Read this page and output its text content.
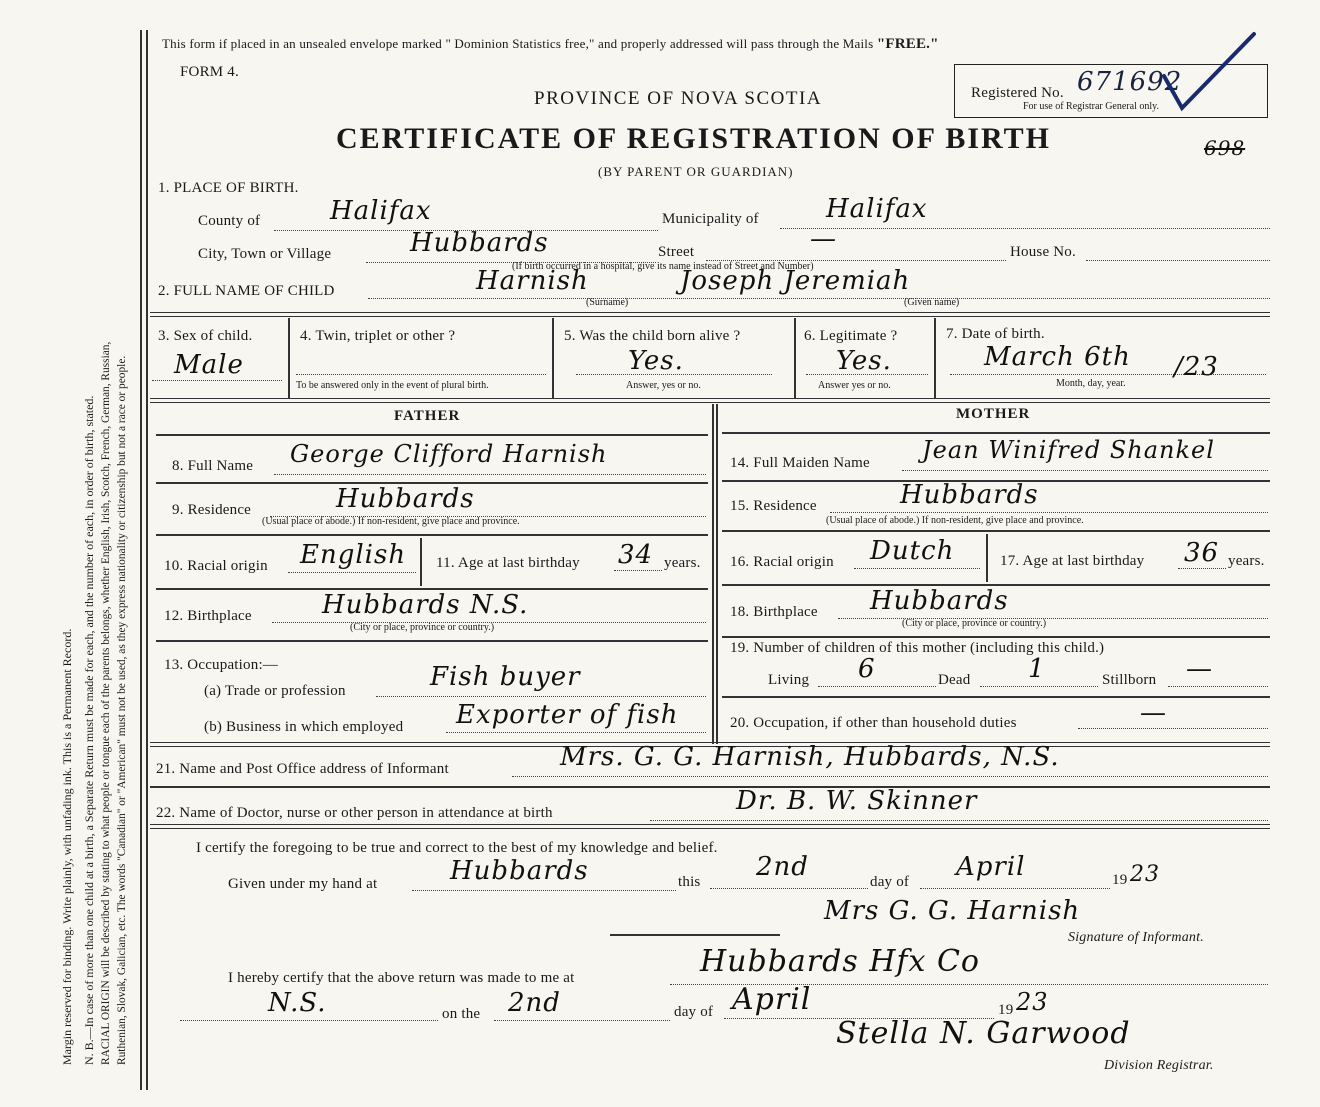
Margin reserved for binding. Write plainly, with unfading ink. This is a Permanent Record. N. B.—In case of more than one child at a birth, a Separate Return must be made for each, and the number of each, in order of birth, stated. RACIAL ORIGIN will be described by stating to what people or tongue each of the parents belongs, whether English, Irish, Scotch, French, German, Russian, Ruthenian, Slovak, Galician, etc. The words "Canadian" or "American" must not be used, as they express nationality or citizenship but not a race or people.
This form if placed in an unsealed envelope marked " Dominion Statistics free," and properly addressed will pass through the Mails "FREE."
FORM 4.
PROVINCE OF NOVA SCOTIA
CERTIFICATE OF REGISTRATION OF BIRTH
(BY PARENT OR GUARDIAN)
Registered No. 671692
For use of Registrar General only.
698
1. PLACE OF BIRTH.
County of	Halifax	Municipality of	Halifax
City, Town or Village	Hubbards	Street	—	House No.
(If birth occurred in a hospital, give its name instead of Street and Number)
2. FULL NAME OF CHILD	Harnish	Joseph Jeremiah
(Surname)	(Given name)
3. Sex of child.
Male
4. Twin, triplet or other ?
To be answered only in the event of plural birth.
5. Was the child born alive ?
Yes.
Answer, yes or no.
6. Legitimate ?
Yes.
Answer yes or no.
7. Date of birth.
March 6th /23
Month, day, year.
FATHER	MOTHER
8. Full Name George Clifford Harnish
9. Residence	Hubbards
(Usual place of abode.) If non-resident, give place and province.
10. Racial origin English 11. Age at last birthday 34 years.
12. Birthplace	Hubbards N.S.
(City or place, province or country.)
13. Occupation:—
(a) Trade or profession	Fish buyer
(b) Business in which employed Exporter of fish
14. Full Maiden Name Jean Winifred Shankel
15. Residence	Hubbards
(Usual place of abode.) If non-resident, give place and province.
16. Racial origin Dutch	17. Age at last birthday 36 years.
18. Birthplace Hubbards
(City or place, province or country.)
19. Number of children of this mother (including this child.)
Living 6	Dead 1	Stillborn —
20. Occupation, if other than household duties	—
21. Name and Post Office address of Informant	Mrs. G. G. Harnish, Hubbards, N.S.
22. Name of Doctor, nurse or other person in attendance at birth	Dr. B. W. Skinner
I certify the foregoing to be true and correct to the best of my knowledge and belief.
Given under my hand at	Hubbards	this 2nd	day of April	19 23
Mrs G. G. Harnish
Signature of Informant.
I hereby certify that the above return was made to me at	Hubbards Hfx Co
N.S.	on the 2nd	day of April	19 23
Stella N. Garwood
Division Registrar.
